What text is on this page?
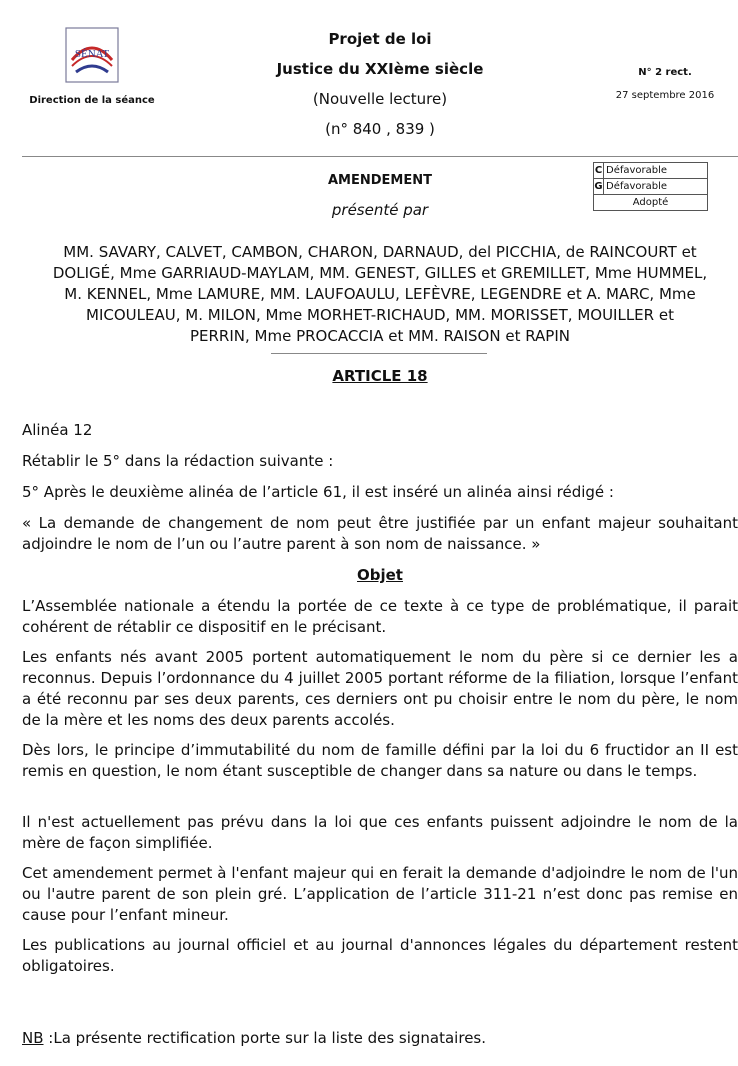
SÉNAT
Direction de la séance
Projet de loi
Justice du XXIème siècle
(Nouvelle lecture)
(n° 840 , 839 )
N° 2 rect.
27 septembre 2016
C	Défavorable
G	Défavorable
Adopté	
AMENDEMENT
présenté par
MM. SAVARY, CALVET, CAMBON, CHARON, DARNAUD, del PICCHIA, de RAINCOURT et
DOLIGÉ, Mme GARRIAUD-MAYLAM, MM. GENEST, GILLES et GREMILLET, Mme HUMMEL,
M. KENNEL, Mme LAMURE, MM. LAUFOAULU, LEFÈVRE, LEGENDRE et A. MARC, Mme
MICOULEAU, M. MILON, Mme MORHET-RICHAUD, MM. MORISSET, MOUILLER et
PERRIN, Mme PROCACCIA et MM. RAISON et RAPIN
ARTICLE 18

Alinéa 12

Rétablir le 5° dans la rédaction suivante :

5° Après le deuxième alinéa de l’article 61, il est inséré un alinéa ainsi rédigé :

« La demande de changement de nom peut être justifiée par un enfant majeur souhaitant adjoindre le nom de l’un ou l’autre parent à son nom de naissance. »

Objet

L’Assemblée nationale a étendu la portée de ce texte à ce type de problématique, il parait cohérent de rétablir ce dispositif en le précisant.

Les enfants nés avant 2005 portent automatiquement le nom du père si ce dernier les a reconnus. Depuis l’ordonnance du 4 juillet 2005 portant réforme de la filiation, lorsque l’enfant a été reconnu par ses deux parents, ces derniers ont pu choisir entre le nom du père, le nom de la mère et les noms des deux parents accolés.

Dès lors, le principe d’immutabilité du nom de famille défini par la loi du 6 fructidor an II est remis en question, le nom étant susceptible de changer dans sa nature ou dans le temps.

Il n'est actuellement pas prévu dans la loi que ces enfants puissent adjoindre le nom de la mère de façon simplifiée.

Cet amendement permet à l'enfant majeur qui en ferait la demande d'adjoindre le nom de l'un ou l'autre parent de son plein gré. L’application de l’article 311-21 n’est donc pas remise en cause pour l’enfant mineur.

Les publications au journal officiel et au journal d'annonces légales du département restent obligatoires.

NB :La présente rectification porte sur la liste des signataires.
